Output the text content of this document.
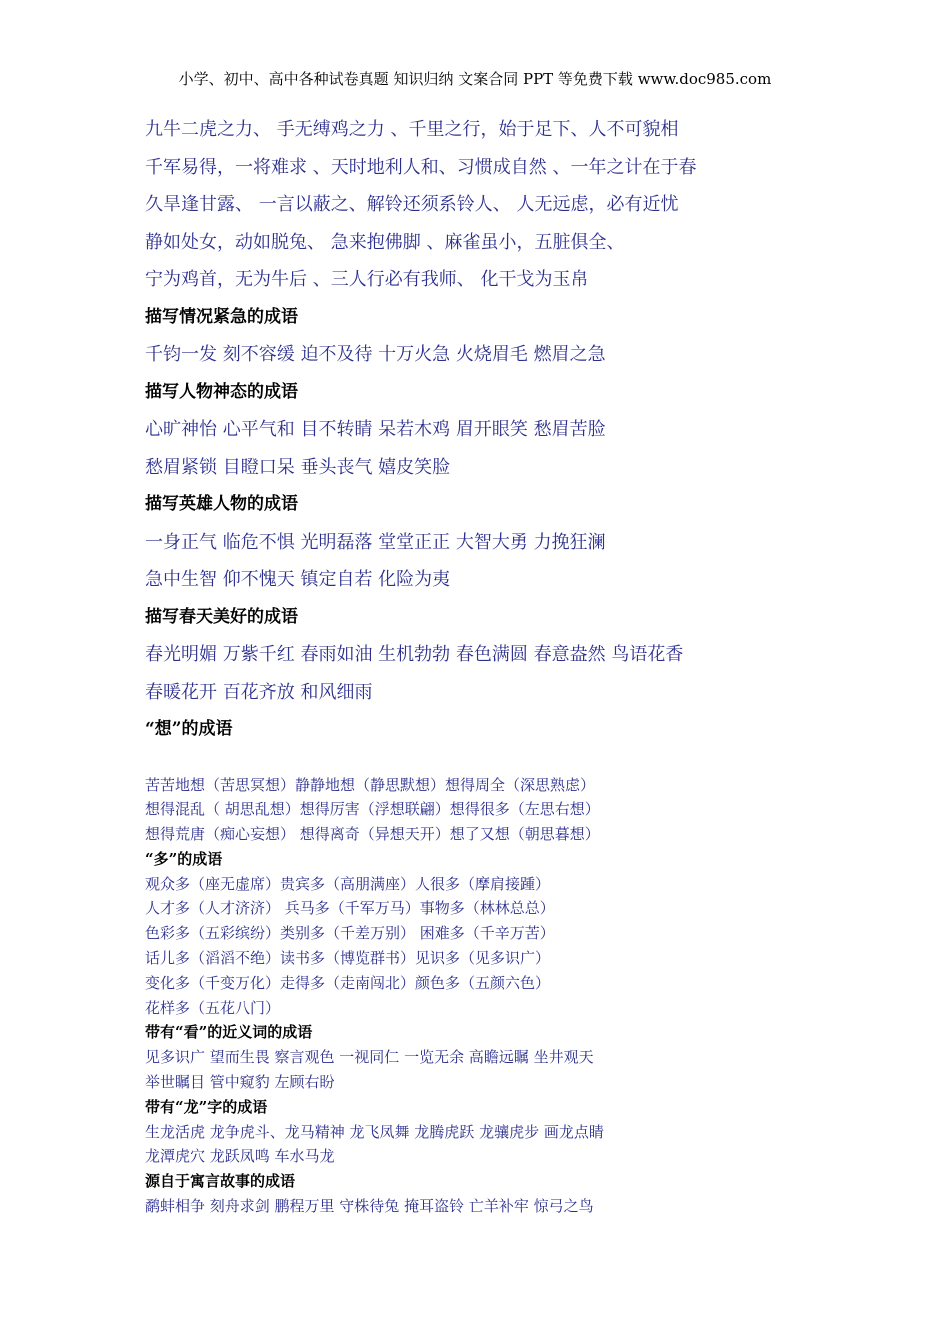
小学、初中、高中各种试卷真题 知识归纳 文案合同 PPT 等免费下载 www.doc985.com
九牛二虎之力、 手无缚鸡之力 、千里之行，始于足下、人不可貌相
千军易得，一将难求 、天时地利人和、习惯成自然 、一年之计在于春
久旱逢甘露、 一言以蔽之、解铃还须系铃人、 人无远虑，必有近忧
静如处女，动如脱兔、 急来抱佛脚 、麻雀虽小，五脏俱全、
宁为鸡首，无为牛后 、三人行必有我师、 化干戈为玉帛
描写情况紧急的成语
千钧一发 刻不容缓 迫不及待 十万火急 火烧眉毛 燃眉之急
描写人物神态的成语
心旷神怡 心平气和 目不转睛 呆若木鸡 眉开眼笑 愁眉苦脸
愁眉紧锁 目瞪口呆 垂头丧气 嬉皮笑脸
描写英雄人物的成语
一身正气 临危不惧 光明磊落 堂堂正正 大智大勇 力挽狂澜
急中生智 仰不愧天 镇定自若 化险为夷
描写春天美好的成语
春光明媚 万紫千红 春雨如油 生机勃勃 春色满圆 春意盎然 鸟语花香
春暖花开 百花齐放 和风细雨
“想”的成语
苦苦地想（苦思冥想）静静地想（静思默想）想得周全（深思熟虑）
想得混乱（ 胡思乱想）想得厉害（浮想联翩）想得很多（左思右想）
想得荒唐（痴心妄想） 想得离奇（异想天开）想了又想（朝思暮想）
“多”的成语
观众多（座无虚席）贵宾多（高朋满座）人很多（摩肩接踵）
人才多（人才济济） 兵马多（千军万马）事物多（林林总总）
色彩多（五彩缤纷）类别多（千差万别） 困难多（千辛万苦）
话儿多（滔滔不绝）读书多（博览群书）见识多（见多识广）
变化多（千变万化）走得多（走南闯北）颜色多（五颜六色）
花样多（五花八门）
带有“看”的近义词的成语
见多识广 望而生畏 察言观色 一视同仁 一览无余 高瞻远瞩 坐井观天
举世瞩目 管中窥豹 左顾右盼
带有“龙”字的成语
生龙活虎 龙争虎斗、龙马精神 龙飞凤舞 龙腾虎跃 龙骧虎步 画龙点睛
龙潭虎穴 龙跃凤鸣 车水马龙
源自于寓言故事的成语
鹬蚌相争 刻舟求剑 鹏程万里 守株待兔 掩耳盗铃 亡羊补牢 惊弓之鸟
